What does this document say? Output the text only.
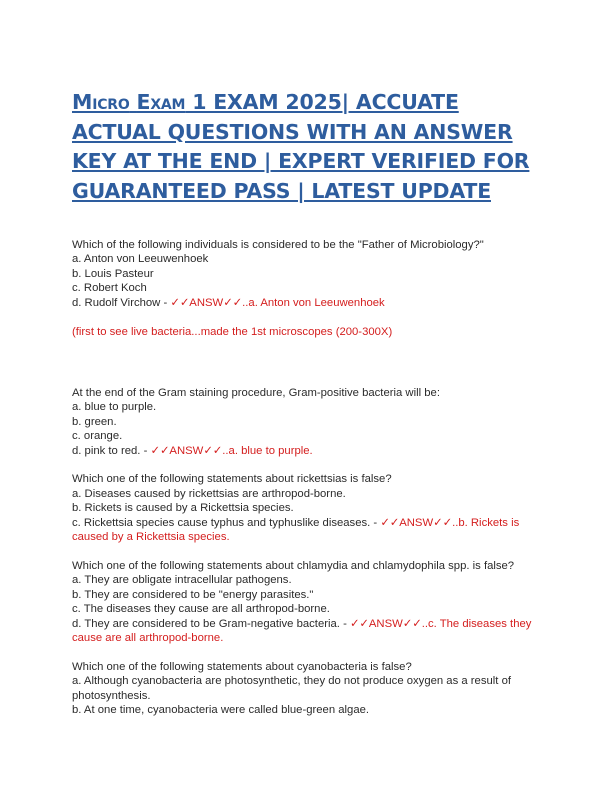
Micro Exam 1 EXAM 2025| ACCUATE ACTUAL QUESTIONS WITH AN ANSWER KEY AT THE END | EXPERT VERIFIED FOR GUARANTEED PASS | LATEST UPDATE

Which of the following individuals is considered to be the "Father of Microbiology?"

a. Anton von Leeuwenhoek

b. Louis Pasteur

c. Robert Koch

d. Rudolf Virchow - ✓✓ANSW✓✓..a. Anton von Leeuwenhoek

(first to see live bacteria...made the 1st microscopes (200-300X)

At the end of the Gram staining procedure, Gram-positive bacteria will be:

a. blue to purple.

b. green.

c. orange.

d. pink to red. - ✓✓ANSW✓✓..a. blue to purple.

Which one of the following statements about rickettsias is false?

a. Diseases caused by rickettsias are arthropod-borne.

b. Rickets is caused by a Rickettsia species.

c. Rickettsia species cause typhus and typhuslike diseases. - ✓✓ANSW✓✓..b. Rickets is caused by a Rickettsia species.

Which one of the following statements about chlamydia and chlamydophila spp. is false?

a. They are obligate intracellular pathogens.

b. They are considered to be "energy parasites."

c. The diseases they cause are all arthropod-borne.

d. They are considered to be Gram-negative bacteria. - ✓✓ANSW✓✓..c. The diseases they cause are all arthropod-borne.

Which one of the following statements about cyanobacteria is false?

a. Although cyanobacteria are photosynthetic, they do not produce oxygen as a result of photosynthesis.

b. At one time, cyanobacteria were called blue-green algae.
